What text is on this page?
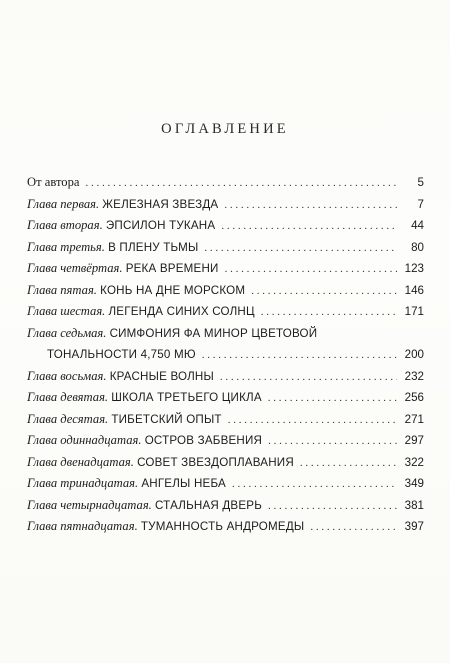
ОГЛАВЛЕНИЕ
От автора . . .	5
Глава первая. ЖЕЛЕЗНАЯ ЗВЕЗДА . . .	7
Глава вторая. ЭПСИЛОН ТУКАНА . . .	44
Глава третья. В ПЛЕНУ ТЬМЫ . . .	80
Глава четвёртая. РЕКА ВРЕМЕНИ . . .	123
Глава пятая. КОНЬ НА ДНЕ МОРСКОМ . . .	146
Глава шестая. ЛЕГЕНДА СИНИХ СОЛНЦ . . .	171
Глава седьмая. СИМФОНИЯ ФА МИНОР ЦВЕТОВОЙ
ТОНАЛЬНОСТИ 4,750 МЮ . . .	200
Глава восьмая. КРАСНЫЕ ВОЛНЫ . . .	232
Глава девятая. ШКОЛА ТРЕТЬЕГО ЦИКЛА . . .	256
Глава десятая. ТИБЕТСКИЙ ОПЫТ . . .	271
Глава одиннадцатая. ОСТРОВ ЗАБВЕНИЯ . . .	297
Глава двенадцатая. СОВЕТ ЗВЕЗДОПЛАВАНИЯ . . .	322
Глава тринадцатая. АНГЕЛЫ НЕБА . . .	349
Глава четырнадцатая. СТАЛЬНАЯ ДВЕРЬ . . .	381
Глава пятнадцатая. ТУМАННОСТЬ АНДРОМЕДЫ . . .	397
